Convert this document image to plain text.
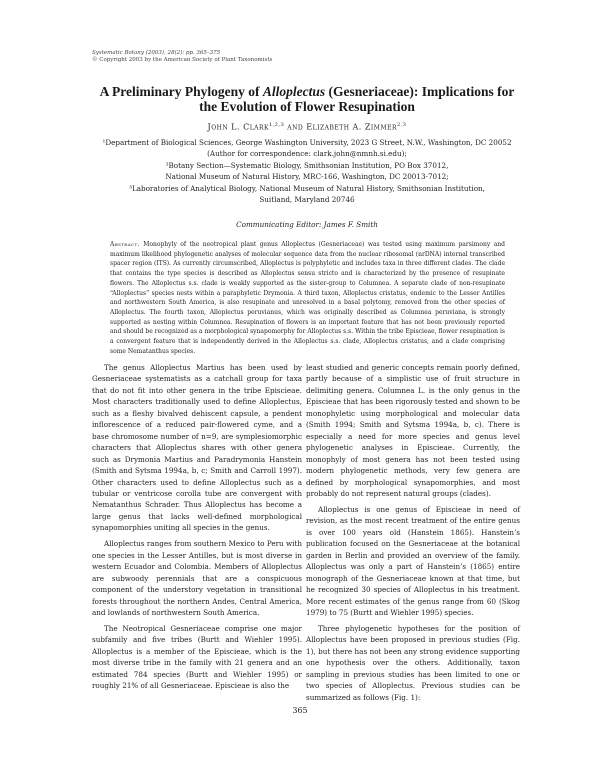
Systematic Botany (2003), 28(2): pp. 365–375
© Copyright 2003 by the American Society of Plant Taxonomists
A Preliminary Phylogeny of Alloplectus (Gesneriaceae): Implications for the Evolution of Flower Resupination
John L. Clark$^{1,2,3}$ and Elizabeth A. Zimmer$^{2,3}$
¹Department of Biological Sciences, George Washington University, 2023 G Street, N.W., Washington, DC 20052
(Author for correspondence: clark.john@nmnh.si.edu);
²Botany Section—Systematic Biology, Smithsonian Institution, PO Box 37012,
National Museum of Natural History, MRC-166, Washington, DC 20013-7012;
³Laboratories of Analytical Biology, National Museum of Natural History, Smithsonian Institution,
Suitland, Maryland 20746
Communicating Editor: James F. Smith
Abstract. Monophyly of the neotropical plant genus Alloplectus (Gesneriaceae) was tested using maximum parsimony and maximum likelihood phylogenetic analyses of molecular sequence data from the nuclear ribosomal (nrDNA) internal transcribed spacer region (ITS). As currently circumscribed, Alloplectus is polyphyletic and includes taxa in three different clades. The clade that contains the type species is described as Alloplectus sensu stricto and is characterized by the presence of resupinate flowers. The Alloplectus s.s. clade is weakly supported as the sister-group to Columnea. A separate clade of non-resupinate “Alloplectus” species nests within a paraphyletic Drymonia. A third taxon, Alloplectus cristatus, endemic to the Lesser Antilles and northwestern South America, is also resupinate and unresolved in a basal polytomy, removed from the other species of Alloplectus. The fourth taxon, Alloplectus peruvianus, which was originally described as Columnea peruviana, is strongly supported as nesting within Columnea. Resupination of flowers is an important feature that has not been previously reported and should be recognized as a morphological synapomorphy for Alloplectus s.s. Within the tribe Episcieae, flower resupination is a convergent feature that is independently derived in the Alloplectus s.s. clade, Alloplectus cristatus, and a clade comprising some Nematanthus species.

The genus Alloplectus Martius has been used by Gesneriaceae systematists as a catchall group for taxa that do not fit into other genera in the tribe Episcieae. Most characters traditionally used to define Alloplectus, such as a fleshy bivalved dehiscent capsule, a pendent inflorescence of a reduced pair-flowered cyme, and a base chromosome number of n=9, are symplesiomorphic characters that Alloplectus shares with other genera such as Drymonia Martius and Paradrymonia Hanstein (Smith and Sytsma 1994a, b, c; Smith and Carroll 1997). Other characters used to define Alloplectus such as a tubular or ventricose corolla tube are convergent with Nematanthus Schrader. Thus Alloplectus has become a large genus that lacks well-defined morphological synapomorphies uniting all species in the genus.

Alloplectus ranges from southern Mexico to Peru with one species in the Lesser Antilles, but is most diverse in western Ecuador and Colombia. Members of Alloplectus are subwoody perennials that are a conspicuous component of the understory vegetation in transitional forests throughout the northern Andes, Central America, and lowlands of northwestern South America.

The Neotropical Gesneriaceae comprise one major subfamily and five tribes (Burtt and Wiehler 1995). Alloplectus is a member of the Episcieae, which is the most diverse tribe in the family with 21 genera and an estimated 784 species (Burtt and Wiehler 1995) or roughly 21% of all Gesneriaceae. Episcieae is also the

least studied and generic concepts remain poorly defined, partly because of a simplistic use of fruit structure in delimiting genera. Columnea L. is the only genus in the Episcieae that has been rigorously tested and shown to be monophyletic using morphological and molecular data (Smith 1994; Smith and Sytsma 1994a, b, c). There is especially a need for more species and genus level phylogenetic analyses in Episcieae. Currently, the monophyly of most genera has not been tested using modern phylogenetic methods, very few genera are defined by morphological synapomorphies, and most probably do not represent natural groups (clades).

Alloplectus is one genus of Episcieae in need of revision, as the most recent treatment of the entire genus is over 100 years old (Hanstein 1865). Hanstein’s publication focused on the Gesneriaceae at the botanical garden in Berlin and provided an overview of the family. Alloplectus was only a part of Hanstein’s (1865) entire monograph of the Gesneriaceae known at that time, but he recognized 30 species of Alloplectus in his treatment. More recent estimates of the genus range from 60 (Skog 1979) to 75 (Burtt and Wiehler 1995) species.

Three phylogenetic hypotheses for the position of Alloplectus have been proposed in previous studies (Fig. 1), but there has not been any strong evidence supporting one hypothesis over the others. Additionally, taxon sampling in previous studies has been limited to one or two species of Alloplectus. Previous studies can be summarized as follows (Fig. 1):

365
